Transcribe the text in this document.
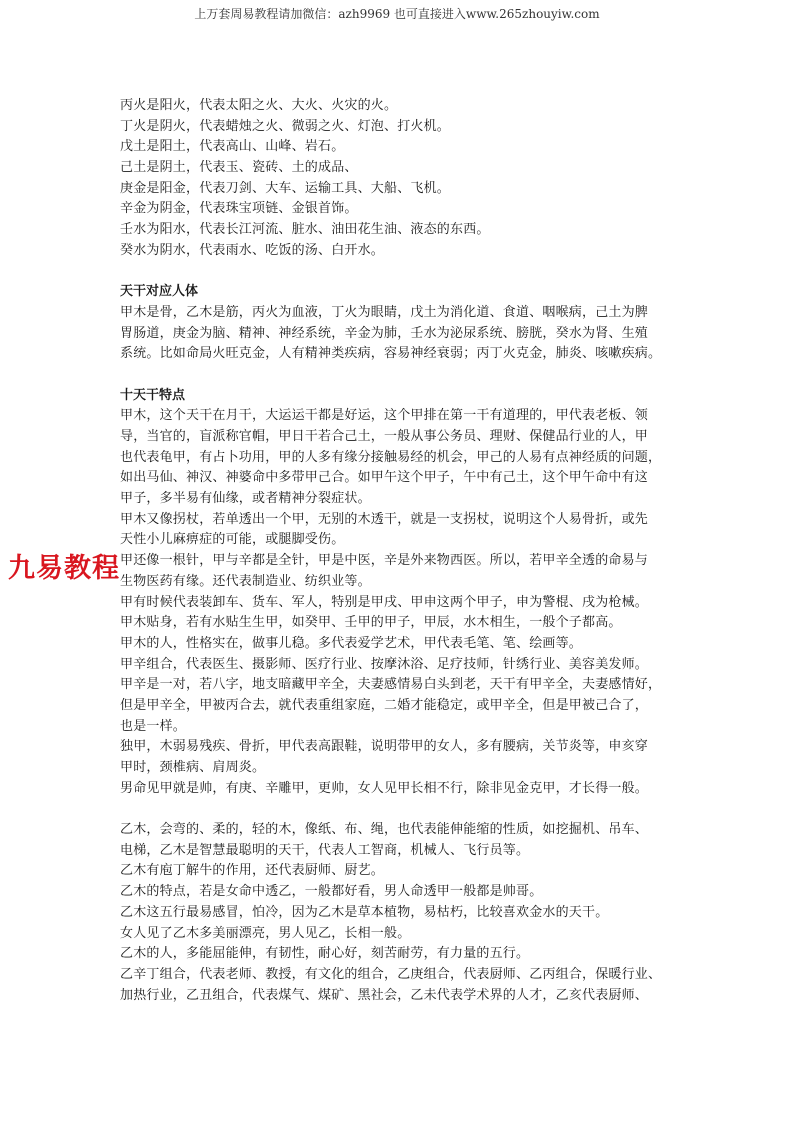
上万套周易教程请加微信：azh9969 也可直接进入www.265zhouyiw.com
丙火是阳火，代表太阳之火、大火、火灾的火。
丁火是阴火，代表蜡烛之火、微弱之火、灯泡、打火机。
戊土是阳土，代表高山、山峰、岩石。
己土是阴土，代表玉、瓷砖、土的成品、
庚金是阳金，代表刀剑、大车、运输工具、大船、飞机。
辛金为阴金，代表珠宝项链、金银首饰。
壬水为阳水，代表长江河流、脏水、油田花生油、液态的东西。
癸水为阴水，代表雨水、吃饭的汤、白开水。
天干对应人体
甲木是骨，乙木是筋，丙火为血液，丁火为眼睛，戊土为消化道、食道、咽喉病，己土为脾
胃肠道，庚金为脑、精神、神经系统，辛金为肺，壬水为泌尿系统、膀胱，癸水为肾、生殖
系统。比如命局火旺克金，人有精神类疾病，容易神经衰弱；丙丁火克金，肺炎、咳嗽疾病。
十天干特点
甲木，这个天干在月干，大运运干都是好运，这个甲排在第一干有道理的，甲代表老板、领
导，当官的，盲派称官帽，甲日干若合己土，一般从事公务员、理财、保健品行业的人，甲
也代表龟甲，有占卜功用，甲的人多有缘分接触易经的机会，甲己的人易有点神经质的问题，
如出马仙、神汉、神婆命中多带甲己合。如甲午这个甲子，午中有己土，这个甲午命中有这
甲子，多半易有仙缘，或者精神分裂症状。
甲木又像拐杖，若单透出一个甲，无别的木透干，就是一支拐杖，说明这个人易骨折，或先
天性小儿麻痹症的可能，或腿脚受伤。
甲还像一根针，甲与辛都是全针，甲是中医，辛是外来物西医。所以，若甲辛全透的命易与
生物医药有缘。还代表制造业、纺织业等。
甲有时候代表装卸车、货车、军人，特别是甲戌、甲申这两个甲子，申为警棍、戌为枪械。
甲木贴身，若有水贴生生甲，如癸甲、壬甲的甲子，甲辰，水木相生，一般个子都高。
甲木的人，性格实在，做事儿稳。多代表爱学艺术，甲代表毛笔、笔、绘画等。
甲辛组合，代表医生、摄影师、医疗行业、按摩沐浴、足疗技师，针绣行业、美容美发师。
甲辛是一对，若八字，地支暗藏甲辛全，夫妻感情易白头到老，天干有甲辛全，夫妻感情好，
但是甲辛全，甲被丙合去，就代表重组家庭，二婚才能稳定，或甲辛全，但是甲被己合了，
也是一样。
独甲，木弱易残疾、骨折，甲代表高跟鞋，说明带甲的女人，多有腰病，关节炎等，申亥穿
甲时，颈椎病、肩周炎。
男命见甲就是帅，有庚、辛雕甲，更帅，女人见甲长相不行，除非见金克甲，才长得一般。
乙木，会弯的、柔的，轻的木，像纸、布、绳，也代表能伸能缩的性质，如挖掘机、吊车、
电梯，乙木是智慧最聪明的天干，代表人工智商，机械人、飞行员等。
乙木有庖丁解牛的作用，还代表厨师、厨艺。
乙木的特点，若是女命中透乙，一般都好看，男人命透甲一般都是帅哥。
乙木这五行最易感冒，怕冷，因为乙木是草本植物，易枯朽，比较喜欢金水的天干。
女人见了乙木多美丽漂亮，男人见乙，长相一般。
乙木的人，多能屈能伸，有韧性，耐心好，刻苦耐劳，有力量的五行。
乙辛丁组合，代表老师、教授，有文化的组合，乙庚组合，代表厨师、乙丙组合，保暖行业、
加热行业，乙丑组合，代表煤气、煤矿、黑社会，乙未代表学术界的人才，乙亥代表厨师、
九易教程
